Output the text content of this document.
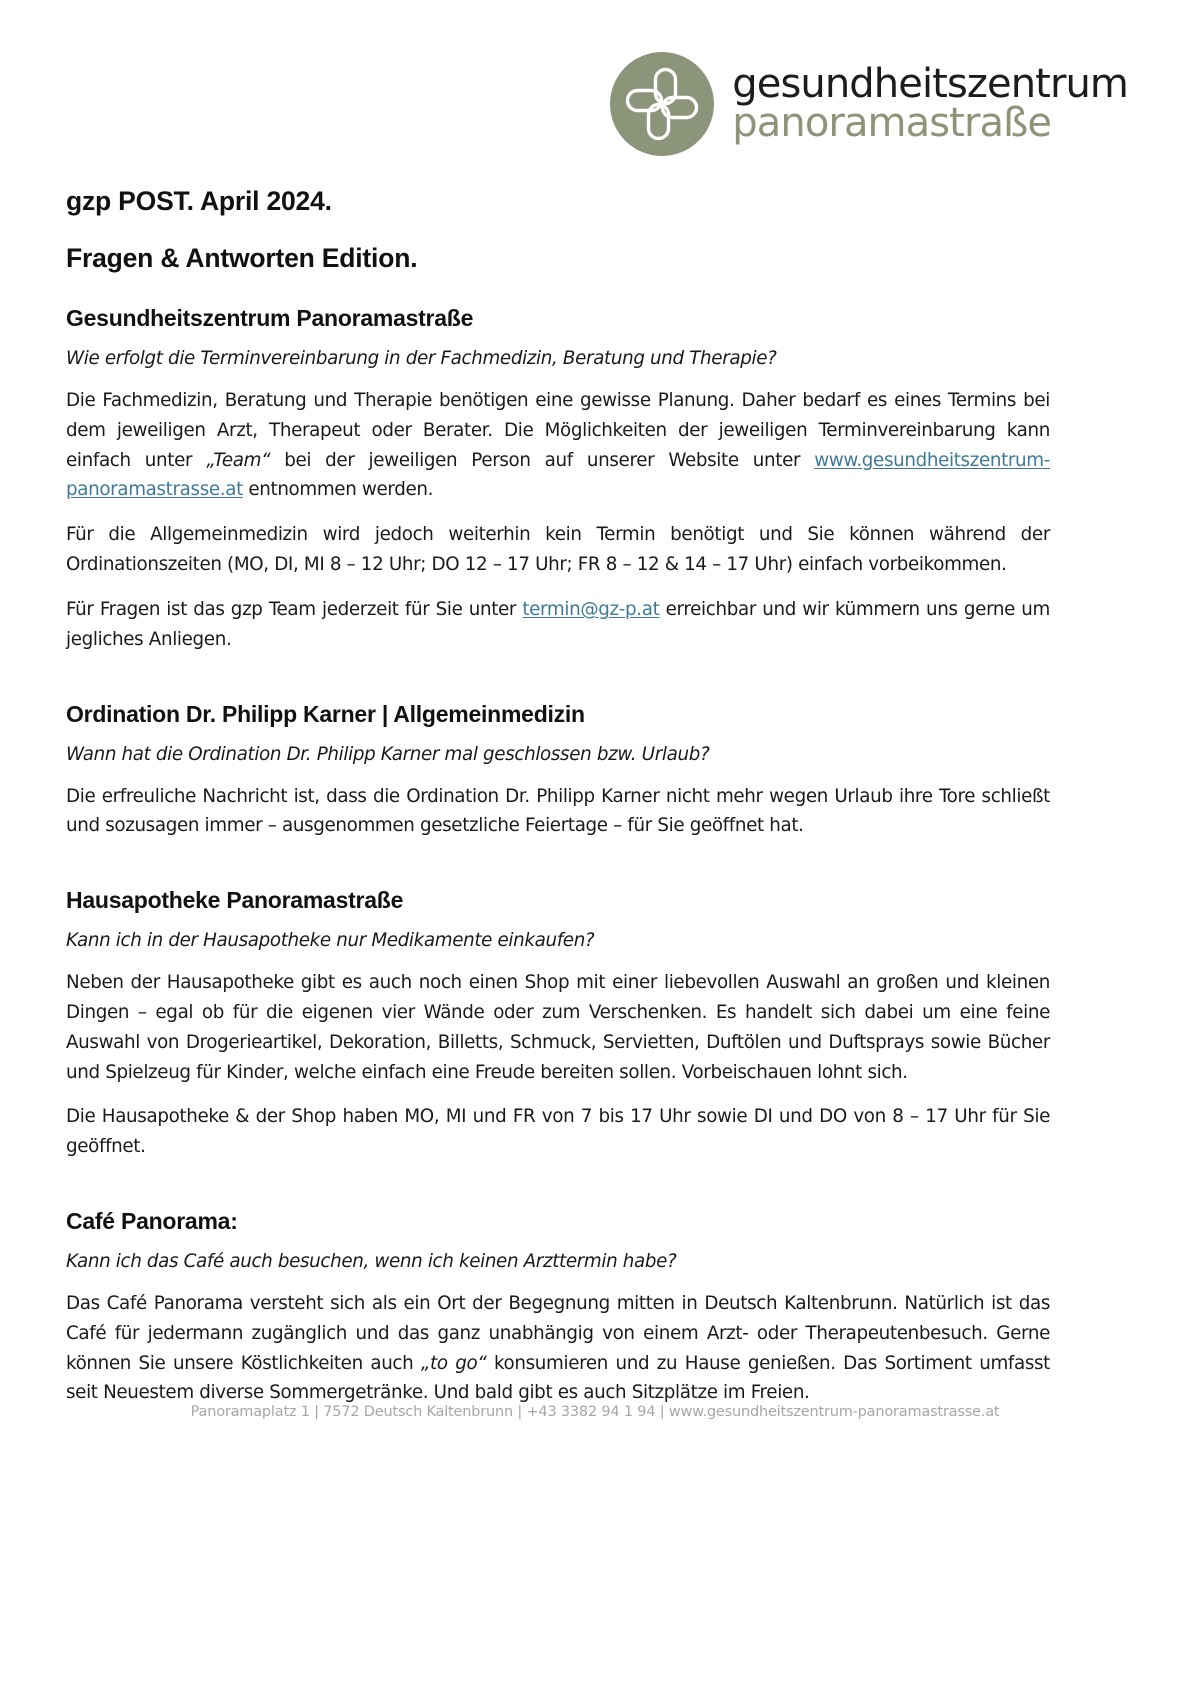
gesundheitszentrum
panoramastraße
gzp POST. April 2024.
Fragen & Antworten Edition.
Gesundheitszentrum Panoramastraße

Wie erfolgt die Terminvereinbarung in der Fachmedizin, Beratung und Therapie?

Die Fachmedizin, Beratung und Therapie benötigen eine gewisse Planung. Daher bedarf es eines Termins bei dem jeweiligen Arzt, Therapeut oder Berater. Die Möglichkeiten der jeweiligen Terminvereinbarung kann einfach unter „Team“ bei der jeweiligen Person auf unserer Website unter www.gesundheitszentrum-panoramastrasse.at entnommen werden.

Für die Allgemeinmedizin wird jedoch weiterhin kein Termin benötigt und Sie können während der Ordinationszeiten (MO, DI, MI 8 – 12 Uhr; DO 12 – 17 Uhr; FR 8 – 12 & 14 – 17 Uhr) einfach vorbeikommen.

Für Fragen ist das gzp Team jederzeit für Sie unter termin@gz-p.at erreichbar und wir kümmern uns gerne um jegliches Anliegen.

Ordination Dr. Philipp Karner | Allgemeinmedizin

Wann hat die Ordination Dr. Philipp Karner mal geschlossen bzw. Urlaub?

Die erfreuliche Nachricht ist, dass die Ordination Dr. Philipp Karner nicht mehr wegen Urlaub ihre Tore schließt und sozusagen immer – ausgenommen gesetzliche Feiertage – für Sie geöffnet hat.

Hausapotheke Panoramastraße

Kann ich in der Hausapotheke nur Medikamente einkaufen?

Neben der Hausapotheke gibt es auch noch einen Shop mit einer liebevollen Auswahl an großen und kleinen Dingen – egal ob für die eigenen vier Wände oder zum Verschenken. Es handelt sich dabei um eine feine Auswahl von Drogerieartikel, Dekoration, Billetts, Schmuck, Servietten, Duftölen und Duftsprays sowie Bücher und Spielzeug für Kinder, welche einfach eine Freude bereiten sollen. Vorbeischauen lohnt sich.

Die Hausapotheke & der Shop haben MO, MI und FR von 7 bis 17 Uhr sowie DI und DO von 8 – 17 Uhr für Sie geöffnet.

Café Panorama:

Kann ich das Café auch besuchen, wenn ich keinen Arzttermin habe?

Das Café Panorama versteht sich als ein Ort der Begegnung mitten in Deutsch Kaltenbrunn. Natürlich ist das Café für jedermann zugänglich und das ganz unabhängig von einem Arzt- oder Therapeutenbesuch. Gerne können Sie unsere Köstlichkeiten auch „to go“ konsumieren und zu Hause genießen. Das Sortiment umfasst seit Neuestem diverse Sommergetränke. Und bald gibt es auch Sitzplätze im Freien.

Panoramaplatz 1 | 7572 Deutsch Kaltenbrunn | +43 3382 94 1 94 | www.gesundheitszentrum-panoramastrasse.at
